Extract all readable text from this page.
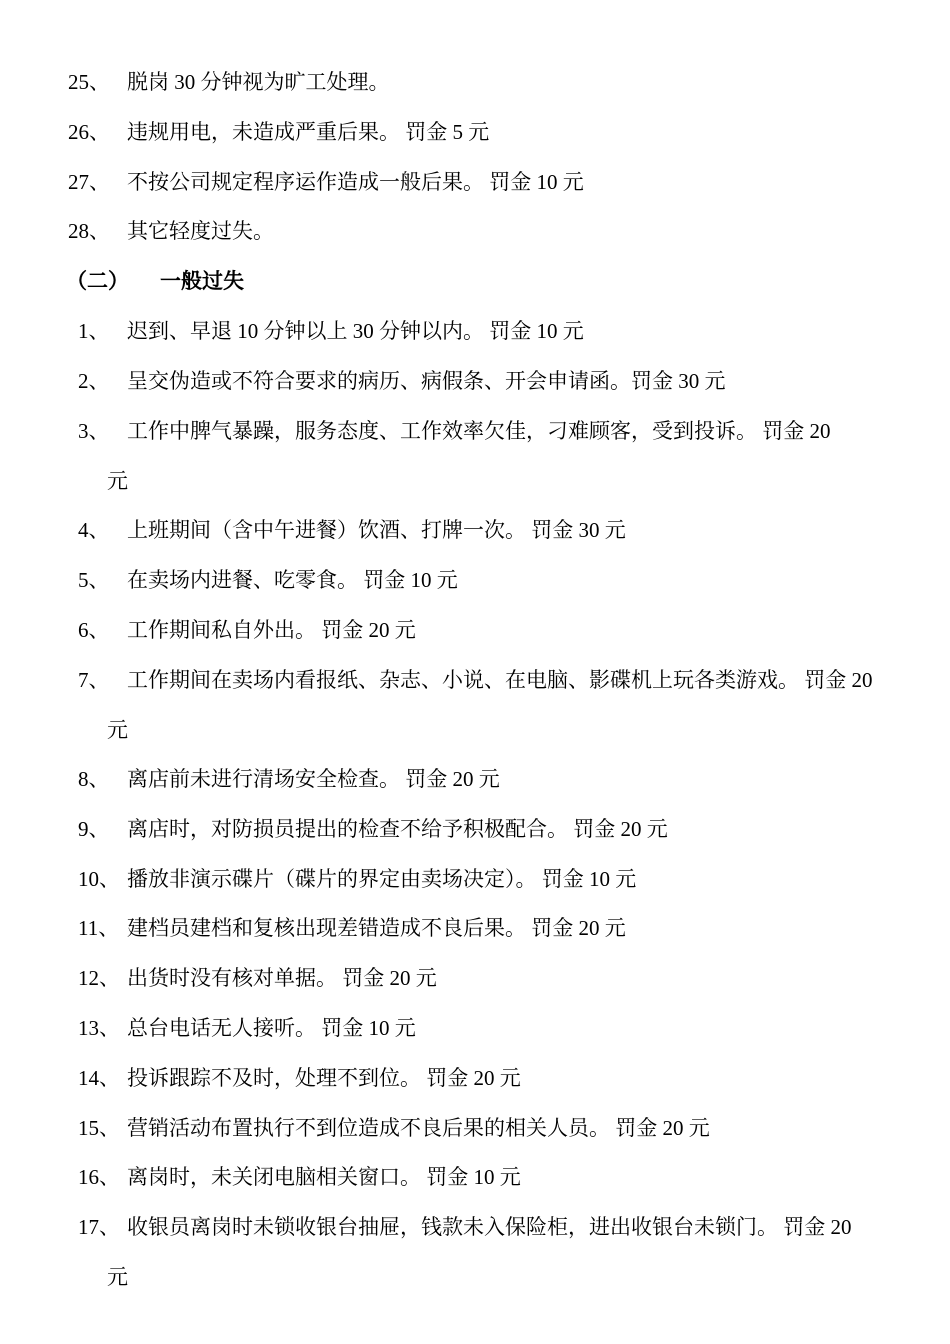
25、 脱岗 30 分钟视为旷工处理。
26、 违规用电，未造成严重后果。 罚金 5 元
27、 不按公司规定程序运作造成一般后果。 罚金 10 元
28、 其它轻度过失。
（二） 一般过失
1、 迟到、早退 10 分钟以上 30 分钟以内。 罚金 10 元
2、 呈交伪造或不符合要求的病历、病假条、开会申请函。罚金 30 元
3、 工作中脾气暴躁，服务态度、工作效率欠佳，刁难顾客，受到投诉。 罚金 20
元
4、 上班期间（含中午进餐）饮酒、打牌一次。 罚金 30 元
5、 在卖场内进餐、吃零食。 罚金 10 元
6、 工作期间私自外出。 罚金 20 元
7、 工作期间在卖场内看报纸、杂志、小说、在电脑、影碟机上玩各类游戏。 罚金 20
元
8、 离店前未进行清场安全检查。 罚金 20 元
9、 离店时，对防损员提出的检查不给予积极配合。 罚金 20 元
10、 播放非演示碟片（碟片的界定由卖场决定）。 罚金 10 元
11、 建档员建档和复核出现差错造成不良后果。 罚金 20 元
12、 出货时没有核对单据。 罚金 20 元
13、 总台电话无人接听。 罚金 10 元
14、 投诉跟踪不及时，处理不到位。 罚金 20 元
15、 营销活动布置执行不到位造成不良后果的相关人员。 罚金 20 元
16、 离岗时，未关闭电脑相关窗口。 罚金 10 元
17、 收银员离岗时未锁收银台抽屉，钱款未入保险柜，进出收银台未锁门。 罚金 20
元
